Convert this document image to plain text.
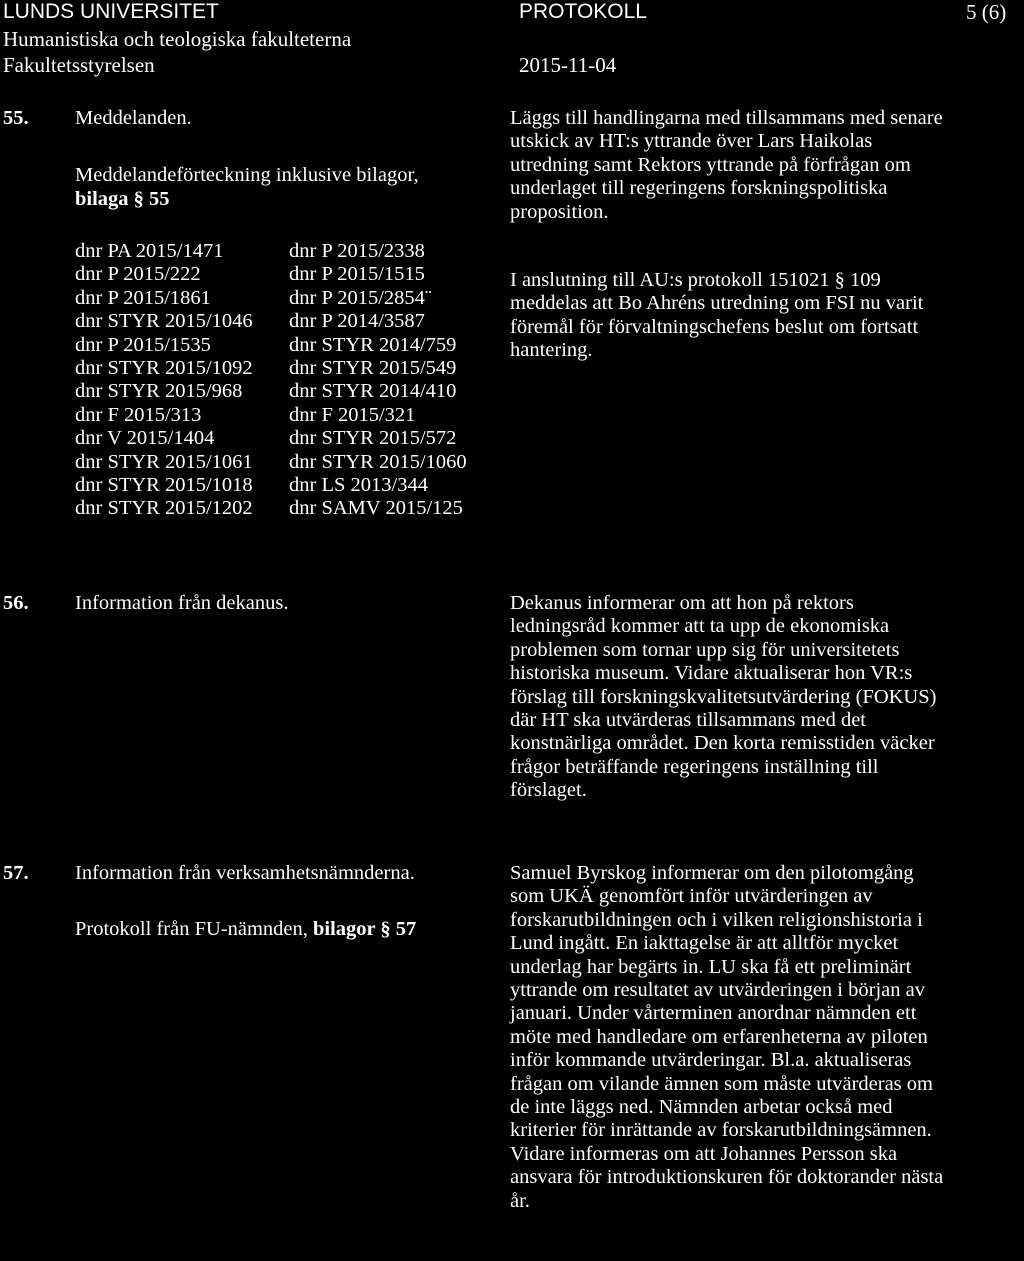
LUNDS UNIVERSITET
Humanistiska och teologiska fakulteterna
Fakultetsstyrelsen
PROTOKOLL
2015-11-04
5 (6)
55. Meddelanden.
Meddelandeförteckning inklusive bilagor,
bilaga § 55
dnr PA 2015/1471
dnr P 2015/222
dnr P 2015/1861
dnr STYR 2015/1046
dnr P 2015/1535
dnr STYR 2015/1092
dnr STYR 2015/968
dnr F 2015/313
dnr V 2015/1404
dnr STYR 2015/1061
dnr STYR 2015/1018
dnr STYR 2015/1202
dnr P 2015/2338
dnr P 2015/1515
dnr P 2015/2854¨
dnr P 2014/3587
dnr STYR 2014/759
dnr STYR 2015/549
dnr STYR 2014/410
dnr F 2015/321
dnr STYR 2015/572
dnr STYR 2015/1060
dnr LS 2013/344
dnr SAMV 2015/125
Läggs till handlingarna med tillsammans med senare
utskick av HT:s yttrande över Lars Haikolas
utredning samt Rektors yttrande på förfrågan om
underlaget till regeringens forskningspolitiska
proposition.
I anslutning till AU:s protokoll 151021 § 109
meddelas att Bo Ahréns utredning om FSI nu varit
föremål för förvaltningschefens beslut om fortsatt
hantering.
56. Information från dekanus.	Dekanus informerar om att hon på rektors
ledningsråd kommer att ta upp de ekonomiska
problemen som tornar upp sig för universitetets
historiska museum. Vidare aktualiserar hon VR:s
förslag till forskningskvalitetsutvärdering (FOKUS)
där HT ska utvärderas tillsammans med det
konstnärliga området. Den korta remisstiden väcker
frågor beträffande regeringens inställning till
förslaget.
57. Information från verksamhetsnämnderna.
Protokoll från FU-nämnden, bilagor § 57
Samuel Byrskog informerar om den pilotomgång
som UKÄ genomfört inför utvärderingen av
forskarutbildningen och i vilken religionshistoria i
Lund ingått. En iakttagelse är att alltför mycket
underlag har begärts in. LU ska få ett preliminärt
yttrande om resultatet av utvärderingen i början av
januari. Under vårterminen anordnar nämnden ett
möte med handledare om erfarenheterna av piloten
inför kommande utvärderingar. Bl.a. aktualiseras
frågan om vilande ämnen som måste utvärderas om
de inte läggs ned. Nämnden arbetar också med
kriterier för inrättande av forskarutbildningsämnen.
Vidare informeras om att Johannes Persson ska
ansvara för introduktionskuren för doktorander nästa
år.
